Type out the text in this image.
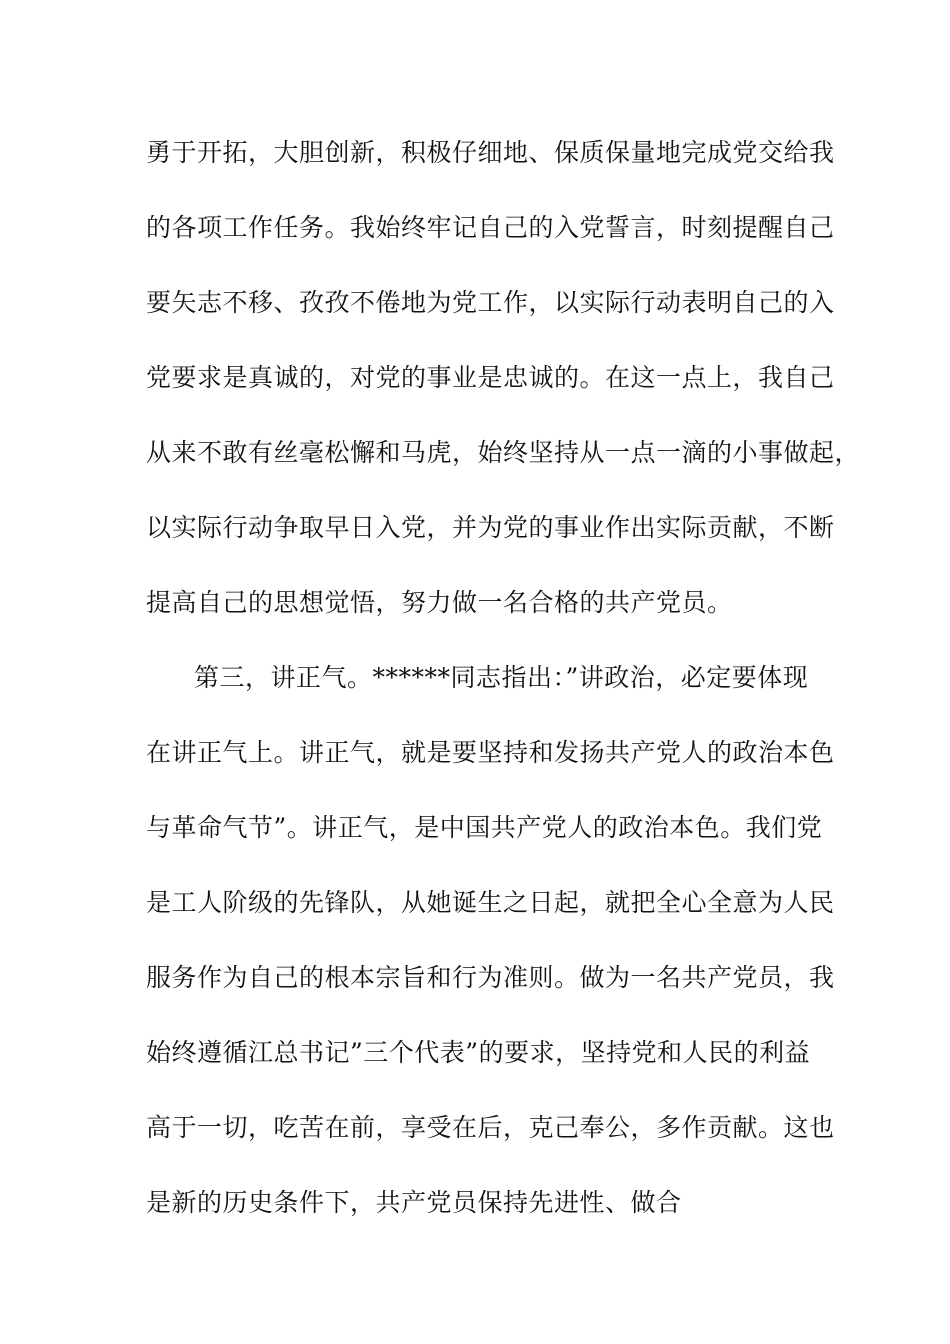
勇于开拓，大胆创新，积极仔细地、保质保量地完成党交给我
的各项工作任务。我始终牢记自己的入党誓言，时刻提醒自己
要矢志不移、孜孜不倦地为党工作，以实际行动表明自己的入
党要求是真诚的，对党的事业是忠诚的。在这一点上，我自己
从来不敢有丝毫松懈和马虎，始终坚持从一点一滴的小事做起，
以实际行动争取早日入党，并为党的事业作出实际贡献，不断
提高自己的思想觉悟，努力做一名合格的共产党员。
第三，讲正气。******同志指出：”讲政治，必定要体现
在讲正气上。讲正气，就是要坚持和发扬共产党人的政治本色
与革命气节”。讲正气，是中国共产党人的政治本色。我们党
是工人阶级的先锋队，从她诞生之日起，就把全心全意为人民
服务作为自己的根本宗旨和行为准则。做为一名共产党员，我
始终遵循江总书记”三个代表”的要求，坚持党和人民的利益
高于一切，吃苦在前，享受在后，克己奉公，多作贡献。这也
是新的历史条件下，共产党员保持先进性、做合
